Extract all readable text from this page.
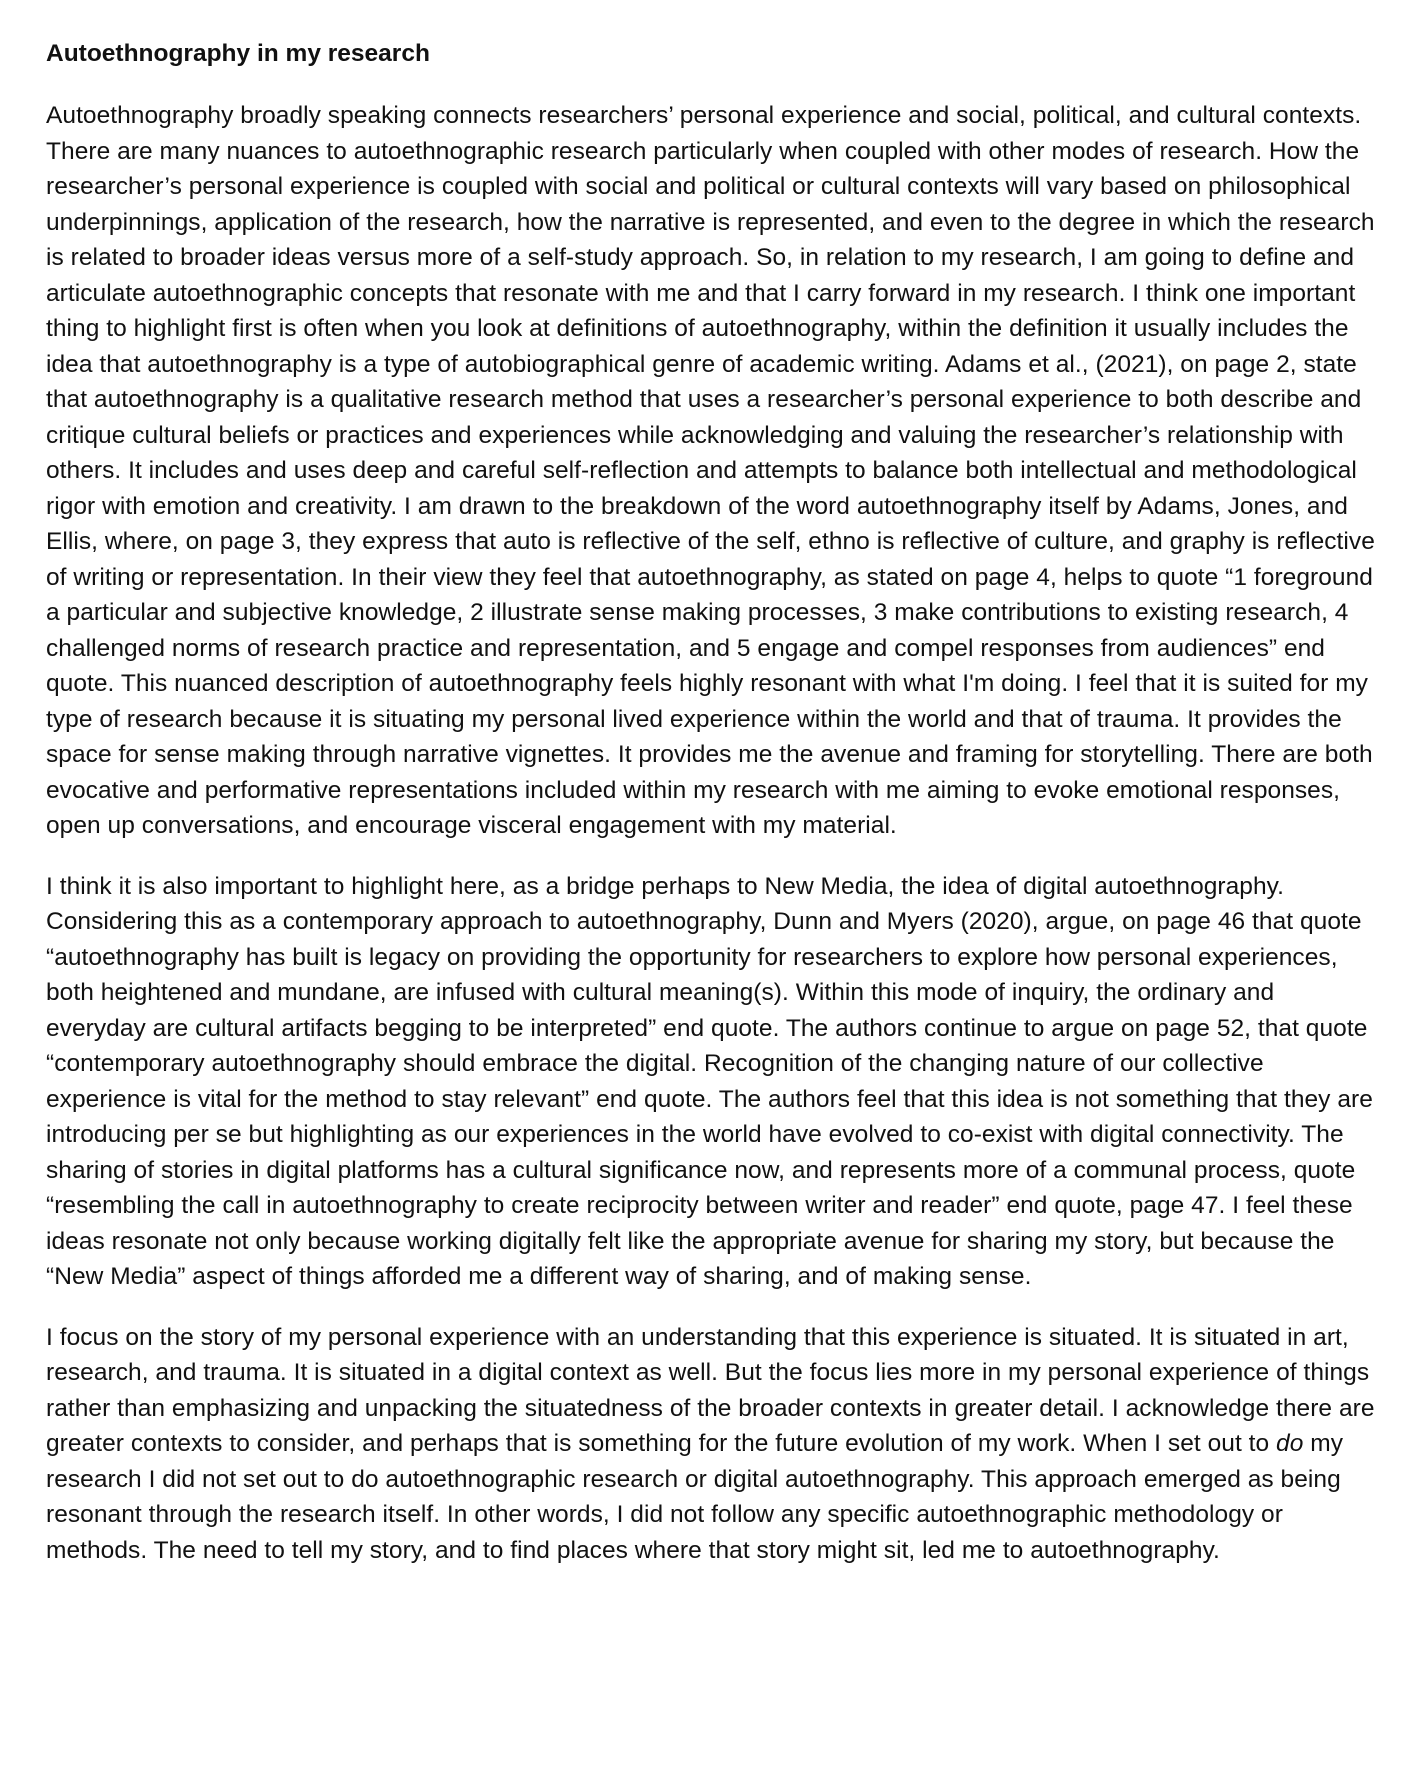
Autoethnography in my research

Autoethnography broadly speaking connects researchers’ personal experience and social, political, and cultural contexts. There are many nuances to autoethnographic research particularly when coupled with other modes of research. How the researcher’s personal experience is coupled with social and political or cultural contexts will vary based on philosophical underpinnings, application of the research, how the narrative is represented, and even to the degree in which the research is related to broader ideas versus more of a self-study approach. So, in relation to my research, I am going to define and articulate autoethnographic concepts that resonate with me and that I carry forward in my research. I think one important thing to highlight first is often when you look at definitions of autoethnography, within the definition it usually includes the idea that autoethnography is a type of autobiographical genre of academic writing. Adams et al., (2021), on page 2, state that autoethnography is a qualitative research method that uses a researcher’s personal experience to both describe and critique cultural beliefs or practices and experiences while acknowledging and valuing the researcher’s relationship with others. It includes and uses deep and careful self-reflection and attempts to balance both intellectual and methodological rigor with emotion and creativity. I am drawn to the breakdown of the word autoethnography itself by Adams, Jones, and Ellis, where, on page 3, they express that auto is reflective of the self, ethno is reflective of culture, and graphy is reflective of writing or representation. In their view they feel that autoethnography, as stated on page 4, helps to quote “1 foreground a particular and subjective knowledge, 2 illustrate sense making processes, 3 make contributions to existing research, 4 challenged norms of research practice and representation, and 5 engage and compel responses from audiences” end quote. This nuanced description of autoethnography feels highly resonant with what I'm doing. I feel that it is suited for my type of research because it is situating my personal lived experience within the world and that of trauma. It provides the space for sense making through narrative vignettes. It provides me the avenue and framing for storytelling. There are both evocative and performative representations included within my research with me aiming to evoke emotional responses, open up conversations, and encourage visceral engagement with my material.

I think it is also important to highlight here, as a bridge perhaps to New Media, the idea of digital autoethnography. Considering this as a contemporary approach to autoethnography, Dunn and Myers (2020), argue, on page 46 that quote “autoethnography has built is legacy on providing the opportunity for researchers to explore how personal experiences, both heightened and mundane, are infused with cultural meaning(s). Within this mode of inquiry, the ordinary and everyday are cultural artifacts begging to be interpreted” end quote. The authors continue to argue on page 52, that quote “contemporary autoethnography should embrace the digital. Recognition of the changing nature of our collective experience is vital for the method to stay relevant” end quote. The authors feel that this idea is not something that they are introducing per se but highlighting as our experiences in the world have evolved to co-exist with digital connectivity. The sharing of stories in digital platforms has a cultural significance now, and represents more of a communal process, quote “resembling the call in autoethnography to create reciprocity between writer and reader” end quote, page 47. I feel these ideas resonate not only because working digitally felt like the appropriate avenue for sharing my story, but because the “New Media” aspect of things afforded me a different way of sharing, and of making sense.

I focus on the story of my personal experience with an understanding that this experience is situated. It is situated in art, research, and trauma. It is situated in a digital context as well. But the focus lies more in my personal experience of things rather than emphasizing and unpacking the situatedness of the broader contexts in greater detail. I acknowledge there are greater contexts to consider, and perhaps that is something for the future evolution of my work. When I set out to do my research I did not set out to do autoethnographic research or digital autoethnography. This approach emerged as being resonant through the research itself. In other words, I did not follow any specific autoethnographic methodology or methods. The need to tell my story, and to find places where that story might sit, led me to autoethnography.
